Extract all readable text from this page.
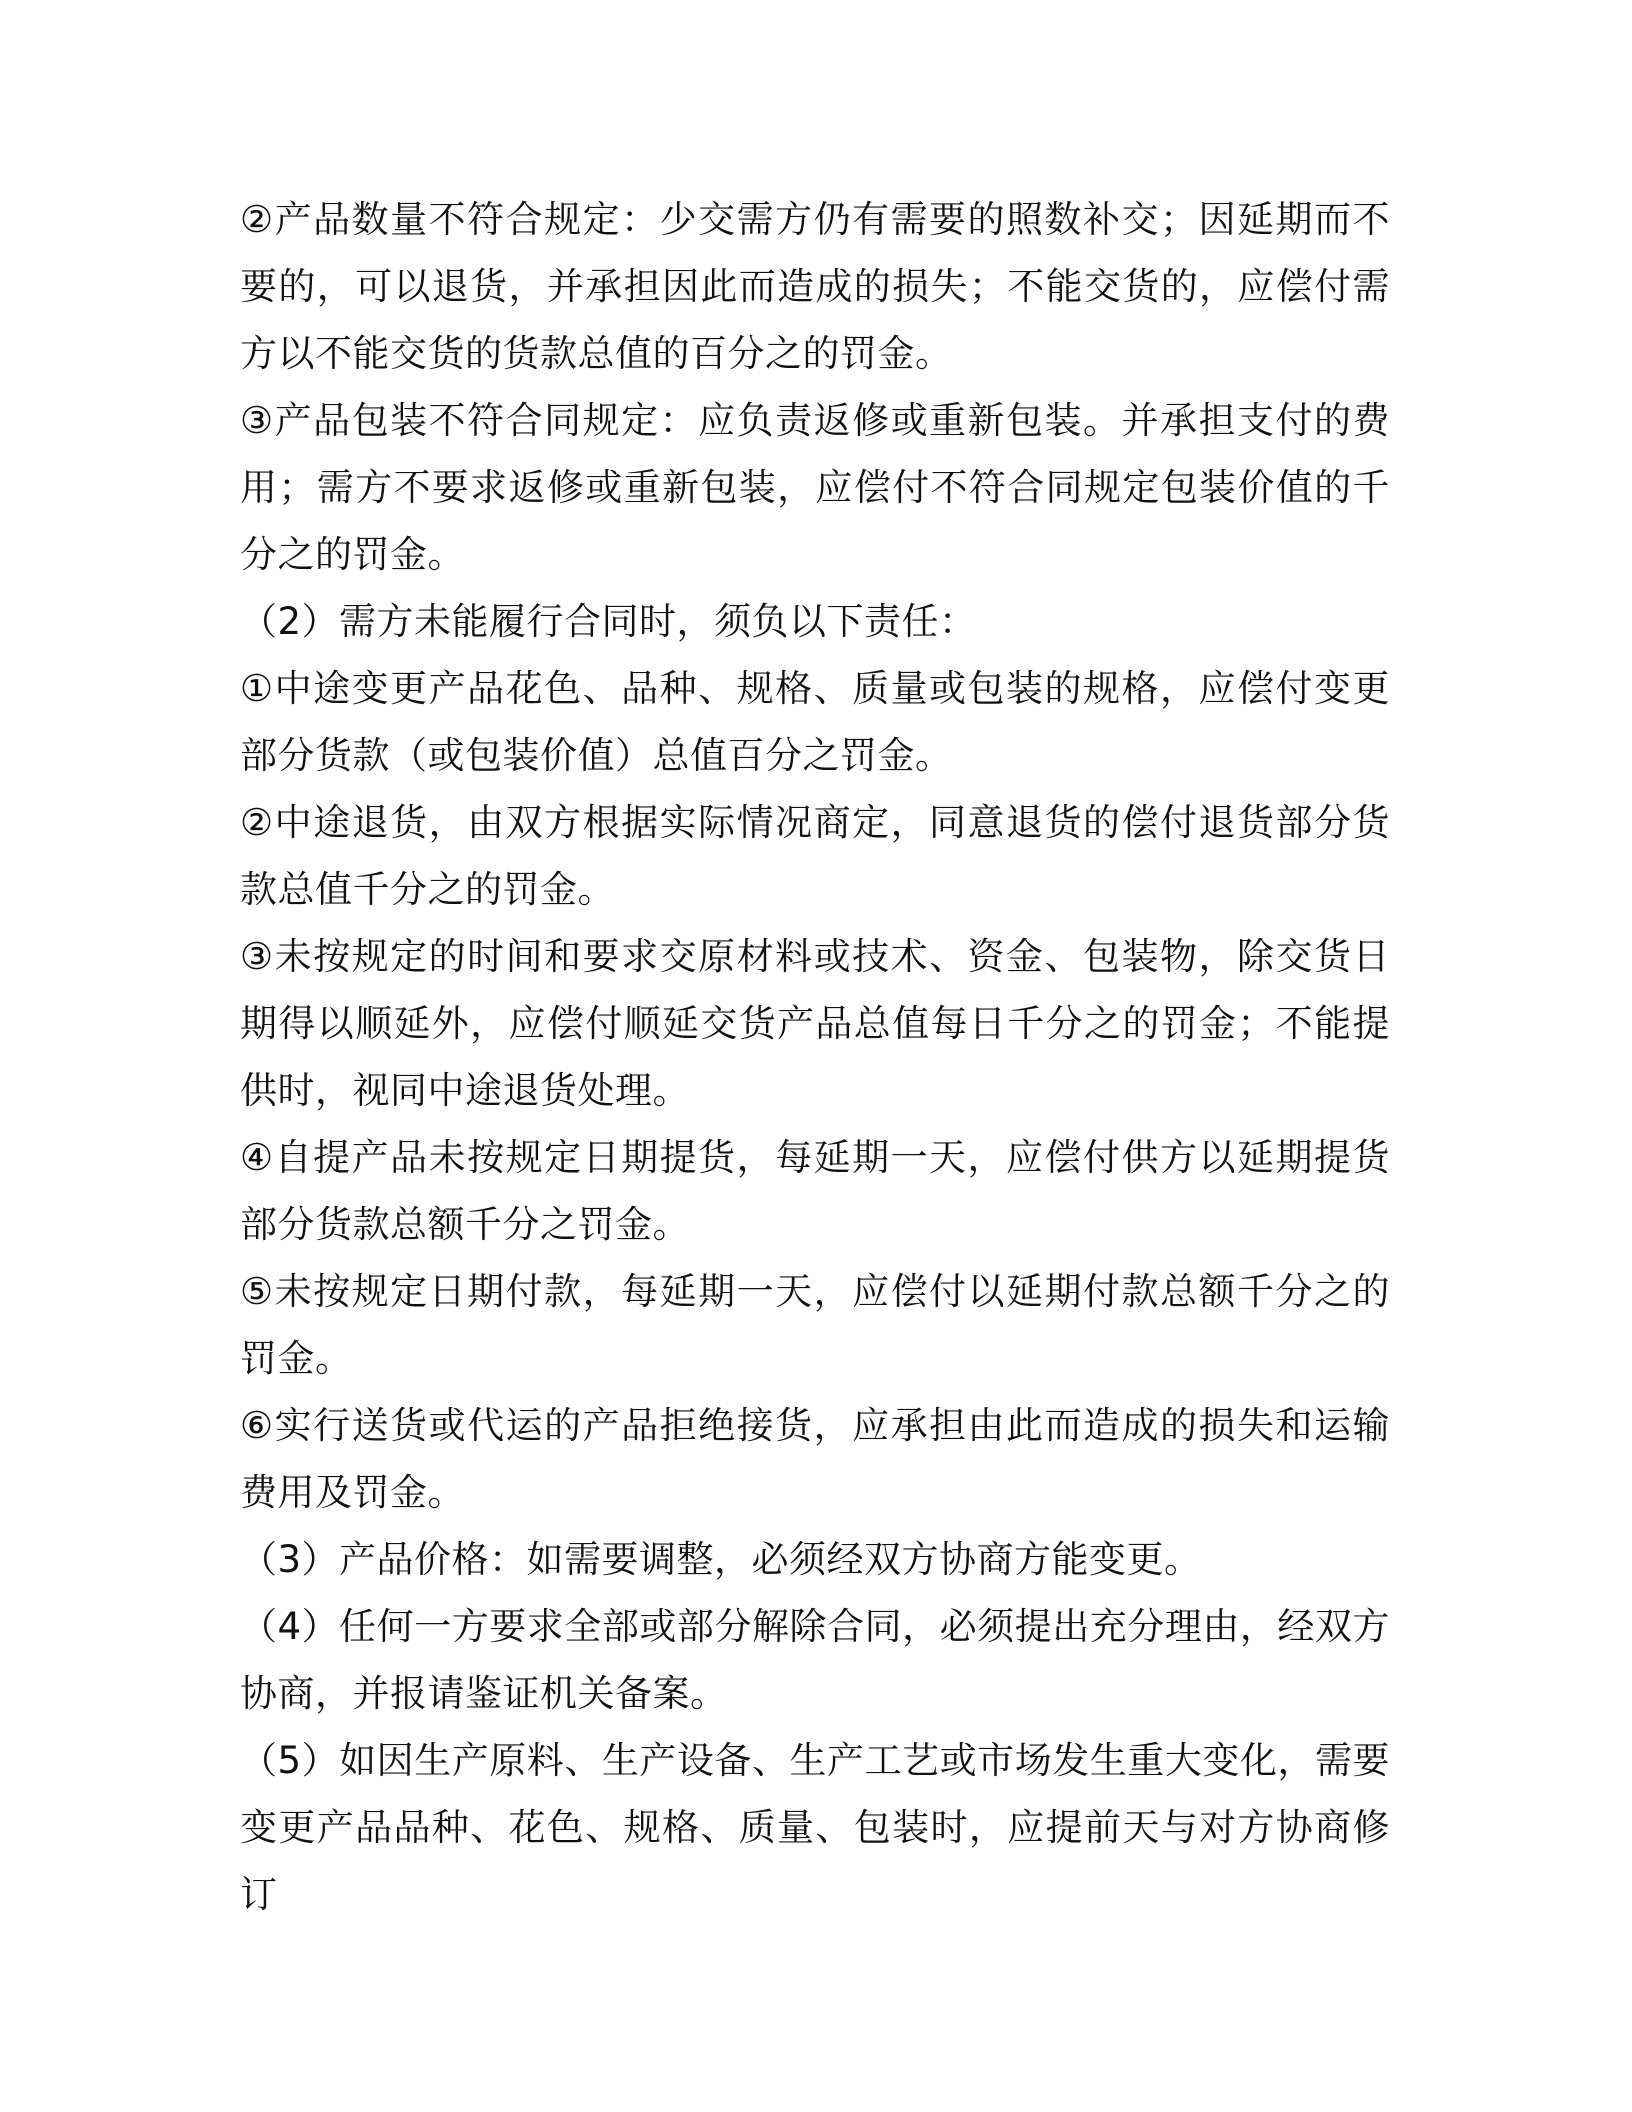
②产品数量不符合规定：少交需方仍有需要的照数补交；因延期而不要的，可以退货，并承担因此而造成的损失；不能交货的，应偿付需方以不能交货的货款总值的百分之的罚金。

③产品包装不符合同规定：应负责返修或重新包装。并承担支付的费用；需方不要求返修或重新包装，应偿付不符合同规定包装价值的千分之的罚金。

（2）需方未能履行合同时，须负以下责任：

①中途变更产品花色、品种、规格、质量或包装的规格，应偿付变更部分货款（或包装价值）总值百分之罚金。

②中途退货，由双方根据实际情况商定，同意退货的偿付退货部分货款总值千分之的罚金。

③未按规定的时间和要求交原材料或技术、资金、包装物，除交货日期得以顺延外，应偿付顺延交货产品总值每日千分之的罚金；不能提供时，视同中途退货处理。

④自提产品未按规定日期提货，每延期一天，应偿付供方以延期提货部分货款总额千分之罚金。

⑤未按规定日期付款，每延期一天，应偿付以延期付款总额千分之的罚金。

⑥实行送货或代运的产品拒绝接货，应承担由此而造成的损失和运输费用及罚金。

（3）产品价格：如需要调整，必须经双方协商方能变更。

（4）任何一方要求全部或部分解除合同，必须提出充分理由，经双方协商，并报请鉴证机关备案。

（5）如因生产原料、生产设备、生产工艺或市场发生重大变化，需要变更产品品种、花色、规格、质量、包装时，应提前天与对方协商修订
